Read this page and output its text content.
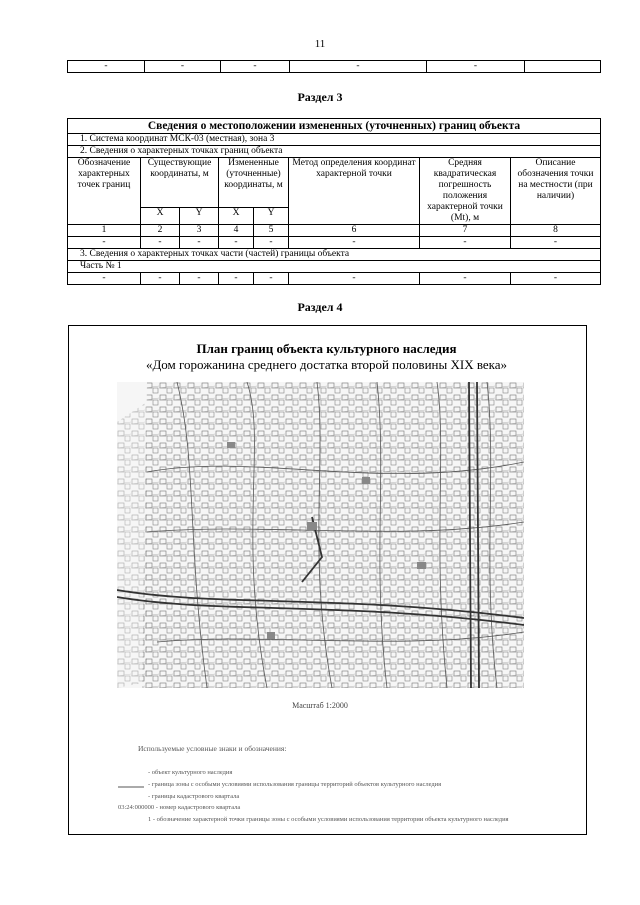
11
-	-	-	-	-	
Раздел 3
Сведения о местоположении измененных (уточненных) границ объекта							
1. Система координат МСК-03 (местная), зона 3							
2. Сведения о характерных точках границ объекта							
Обозначение характерных точек границ	Существующие координаты, м		Измененные (уточненные) координаты, м		Метод определения координат характерной точки	Средняя квадратическая погрешность положения характерной точки (Mt), м	Описание обозначения точки на местности (при наличии)
	X	Y	X	Y			
1	2	3	4	5	6	7	8
-	-	-	-	-	-	-	-
3. Сведения о характерных точках части (частей) границы объекта							
Часть № 1							
-	-	-	-	-	-	-	-
Раздел 4
План границ объекта культурного наследия
«Дом горожанина среднего достатка второй половины XIX века»
Масштаб 1:2000
Используемые условные знаки и обозначения:
- объект культурного наследия
- граница зоны с особыми условиями использования границы территорий объектов культурного наследия
- границы кадастрового квартала
03:24:000000 - номер кадастрового квартала
1 - обозначение характерной точки границы зоны с особыми условиями использования территории объекта культурного наследия
